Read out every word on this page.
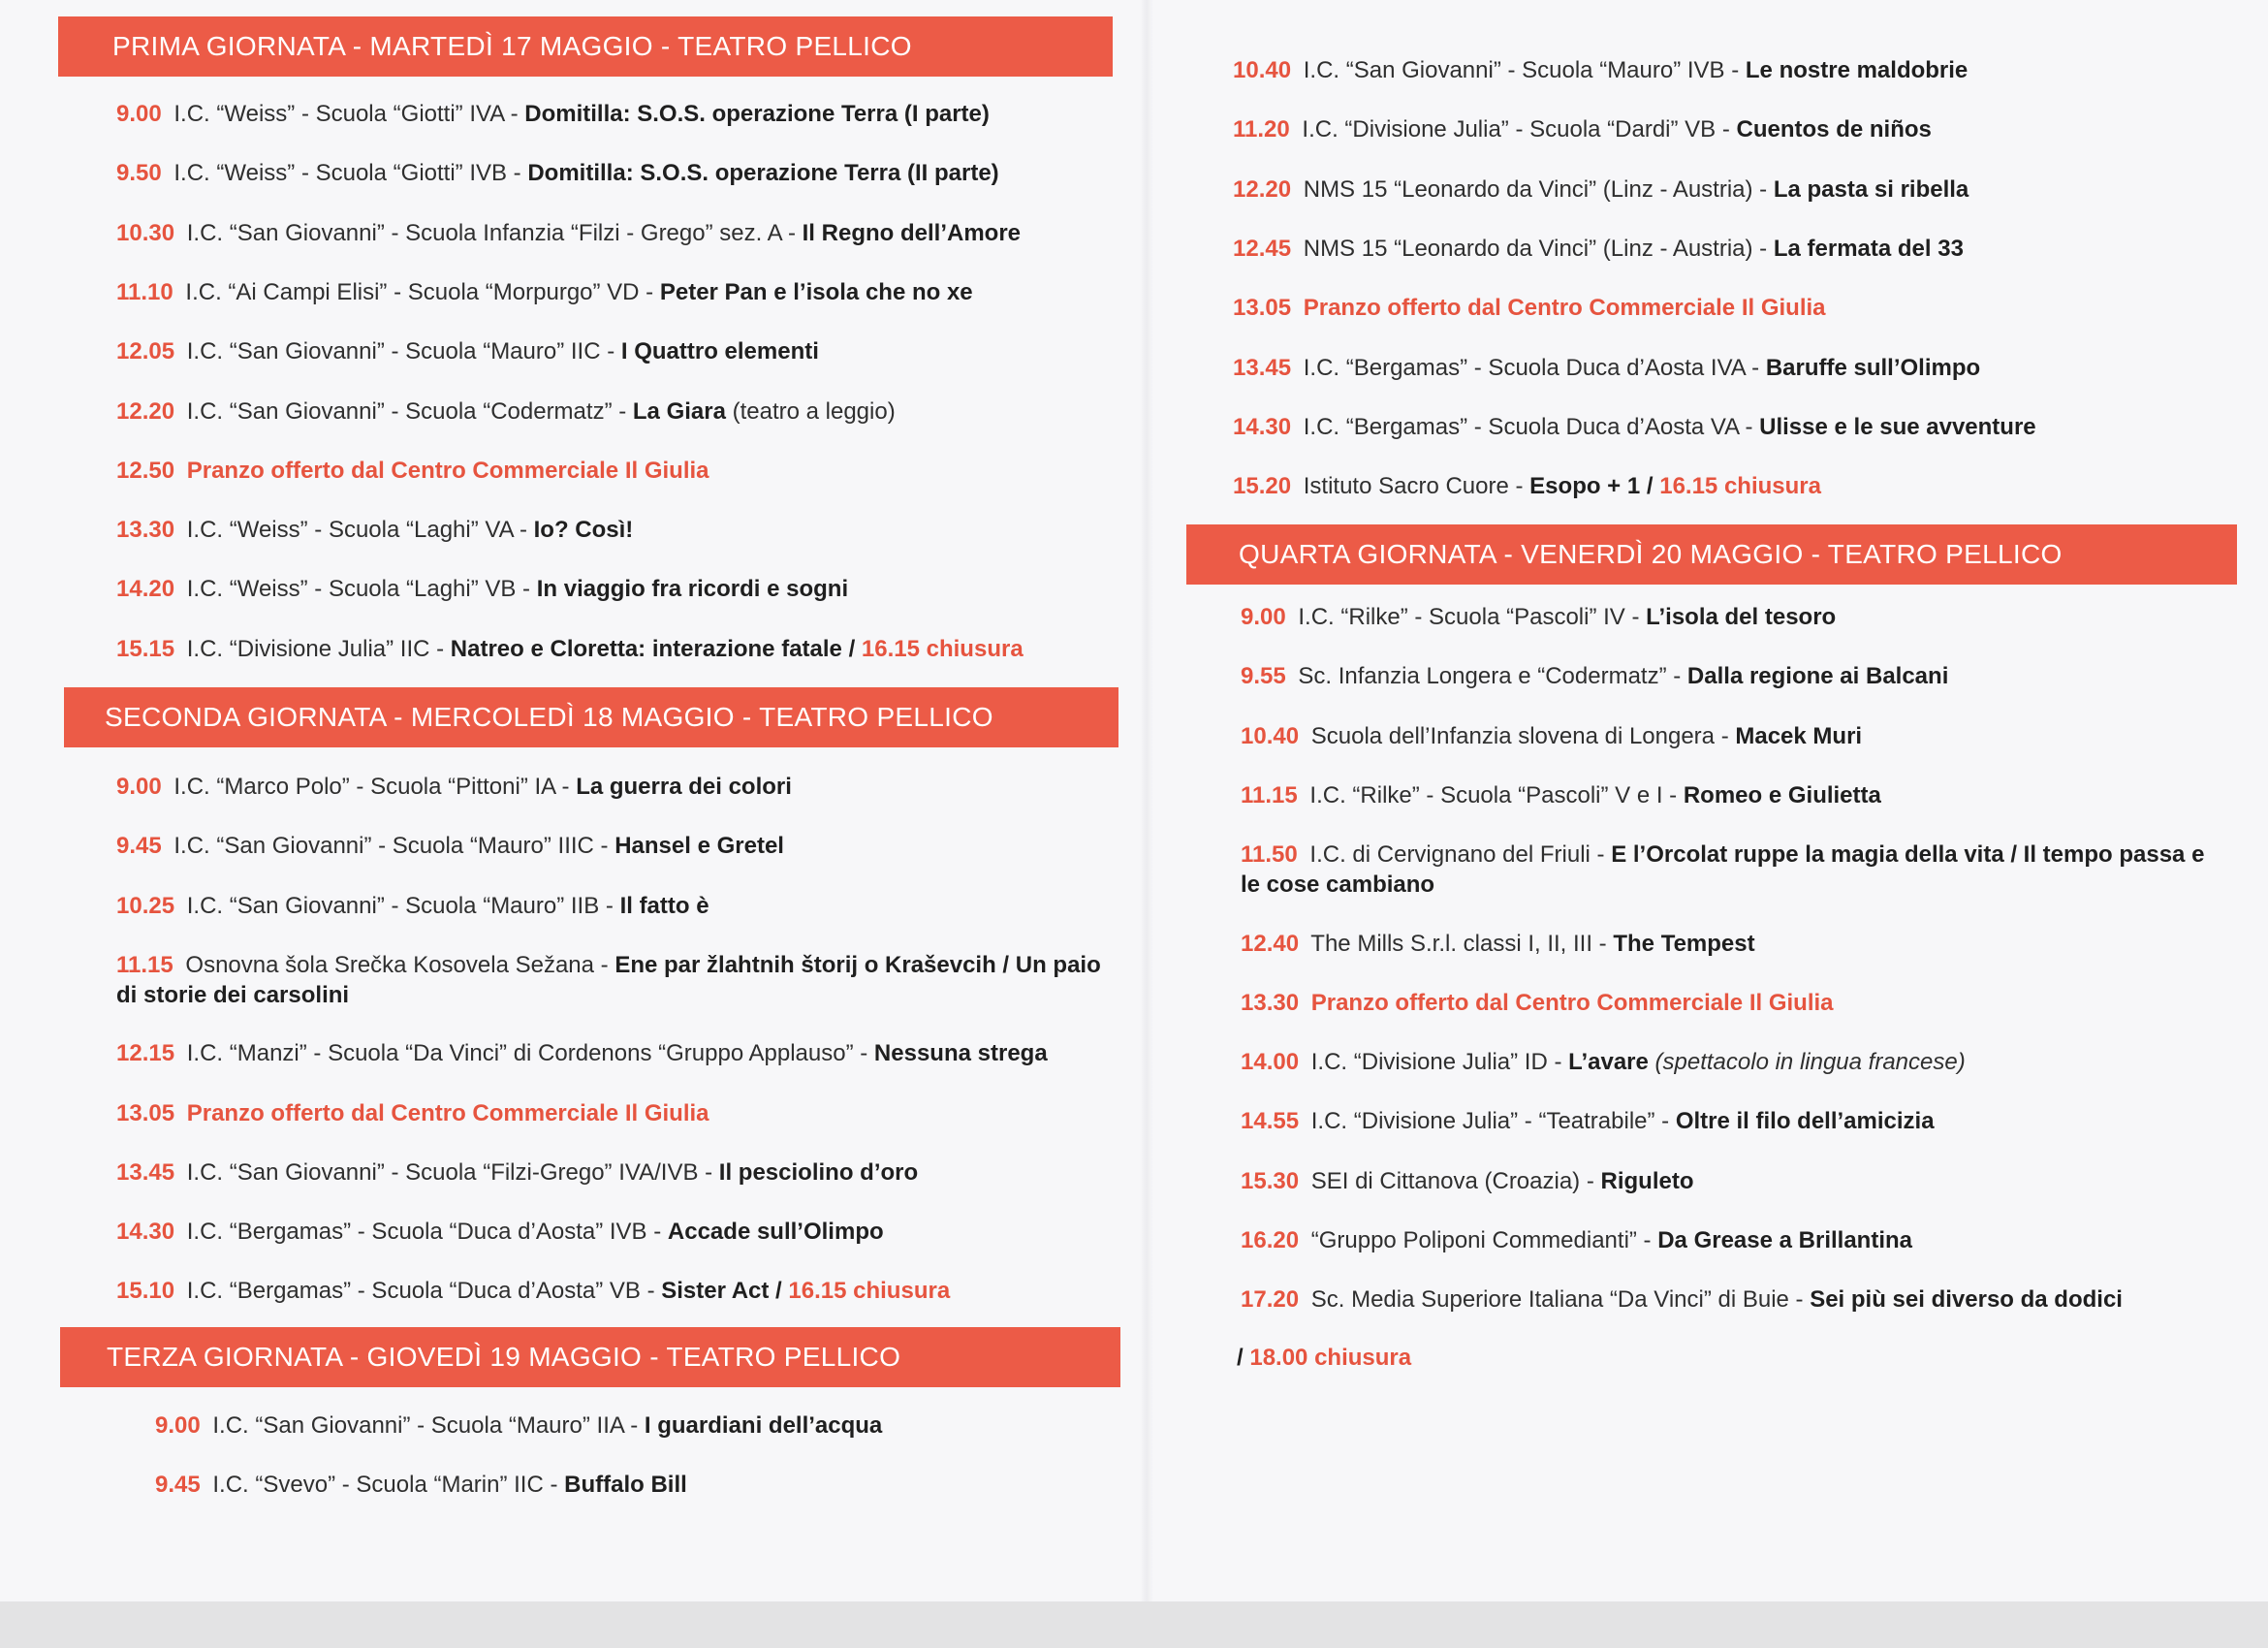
PRIMA GIORNATA - MARTEDÌ 17 MAGGIO - TEATRO PELLICO
9.00 I.C. “Weiss” - Scuola “Giotti” IVA - Domitilla: S.O.S. operazione Terra (I parte)
9.50 I.C. “Weiss” - Scuola “Giotti” IVB - Domitilla: S.O.S. operazione Terra (II parte)
10.30 I.C. “San Giovanni” - Scuola Infanzia “Filzi - Grego” sez. A - Il Regno dell’Amore
11.10 I.C. “Ai Campi Elisi” - Scuola “Morpurgo” VD - Peter Pan e l’isola che no xe
12.05 I.C. “San Giovanni” - Scuola “Mauro” IIC - I Quattro elementi
12.20 I.C. “San Giovanni” - Scuola “Codermatz” - La Giara (teatro a leggio)
12.50 Pranzo offerto dal Centro Commerciale Il Giulia
13.30 I.C. “Weiss” - Scuola “Laghi” VA - Io? Così!
14.20 I.C. “Weiss” - Scuola “Laghi” VB - In viaggio fra ricordi e sogni
15.15 I.C. “Divisione Julia” IIC - Natreo e Cloretta: interazione fatale / 16.15 chiusura
SECONDA GIORNATA - MERCOLEDÌ 18 MAGGIO - TEATRO PELLICO
9.00 I.C. “Marco Polo” - Scuola “Pittoni” IA - La guerra dei colori
9.45 I.C. “San Giovanni” - Scuola “Mauro” IIIC - Hansel e Gretel
10.25 I.C. “San Giovanni” - Scuola “Mauro” IIB - Il fatto è
11.15 Osnovna šola Srečka Kosovela Sežana - Ene par žlahtnih štorij o Kraševcih / Un paio di storie dei carsolini
12.15 I.C. “Manzi” - Scuola “Da Vinci” di Cordenons “Gruppo Applauso” - Nessuna strega
13.05 Pranzo offerto dal Centro Commerciale Il Giulia
13.45 I.C. “San Giovanni” - Scuola “Filzi-Grego” IVA/IVB - Il pesciolino d’oro
14.30 I.C. “Bergamas” - Scuola “Duca d’Aosta” IVB - Accade sull’Olimpo
15.10 I.C. “Bergamas” - Scuola “Duca d’Aosta” VB - Sister Act / 16.15 chiusura
TERZA GIORNATA - GIOVEDÌ 19 MAGGIO - TEATRO PELLICO
9.00 I.C. “San Giovanni” - Scuola “Mauro” IIA - I guardiani dell’acqua
9.45 I.C. “Svevo” - Scuola “Marin” IIC - Buffalo Bill
10.40 I.C. “San Giovanni” - Scuola “Mauro” IVB - Le nostre maldobrie
11.20 I.C. “Divisione Julia” - Scuola “Dardi” VB - Cuentos de niños
12.20 NMS 15 “Leonardo da Vinci” (Linz - Austria) - La pasta si ribella
12.45 NMS 15 “Leonardo da Vinci” (Linz - Austria) - La fermata del 33
13.05 Pranzo offerto dal Centro Commerciale Il Giulia
13.45 I.C. “Bergamas” - Scuola Duca d’Aosta IVA - Baruffe sull’Olimpo
14.30 I.C. “Bergamas” - Scuola Duca d’Aosta VA - Ulisse e le sue avventure
15.20 Istituto Sacro Cuore - Esopo + 1 / 16.15 chiusura
QUARTA GIORNATA - VENERDÌ 20 MAGGIO - TEATRO PELLICO
9.00 I.C. “Rilke” - Scuola “Pascoli” IV - L’isola del tesoro
9.55 Sc. Infanzia Longera e “Codermatz” - Dalla regione ai Balcani
10.40 Scuola dell’Infanzia slovena di Longera - Macek Muri
11.15 I.C. “Rilke” - Scuola “Pascoli” V e I - Romeo e Giulietta
11.50 I.C. di Cervignano del Friuli - E l’Orcolat ruppe la magia della vita / Il tempo passa e le cose cambiano
12.40 The Mills S.r.l. classi I, II, III - The Tempest
13.30 Pranzo offerto dal Centro Commerciale Il Giulia
14.00 I.C. “Divisione Julia” ID - L’avare (spettacolo in lingua francese)
14.55 I.C. “Divisione Julia” - “Teatrabile” - Oltre il filo dell’amicizia
15.30 SEI di Cittanova (Croazia) - Riguleto
16.20 “Gruppo Poliponi Commedianti” - Da Grease a Brillantina
17.20 Sc. Media Superiore Italiana “Da Vinci” di Buie - Sei più sei diverso da dodici
/ 18.00 chiusura
